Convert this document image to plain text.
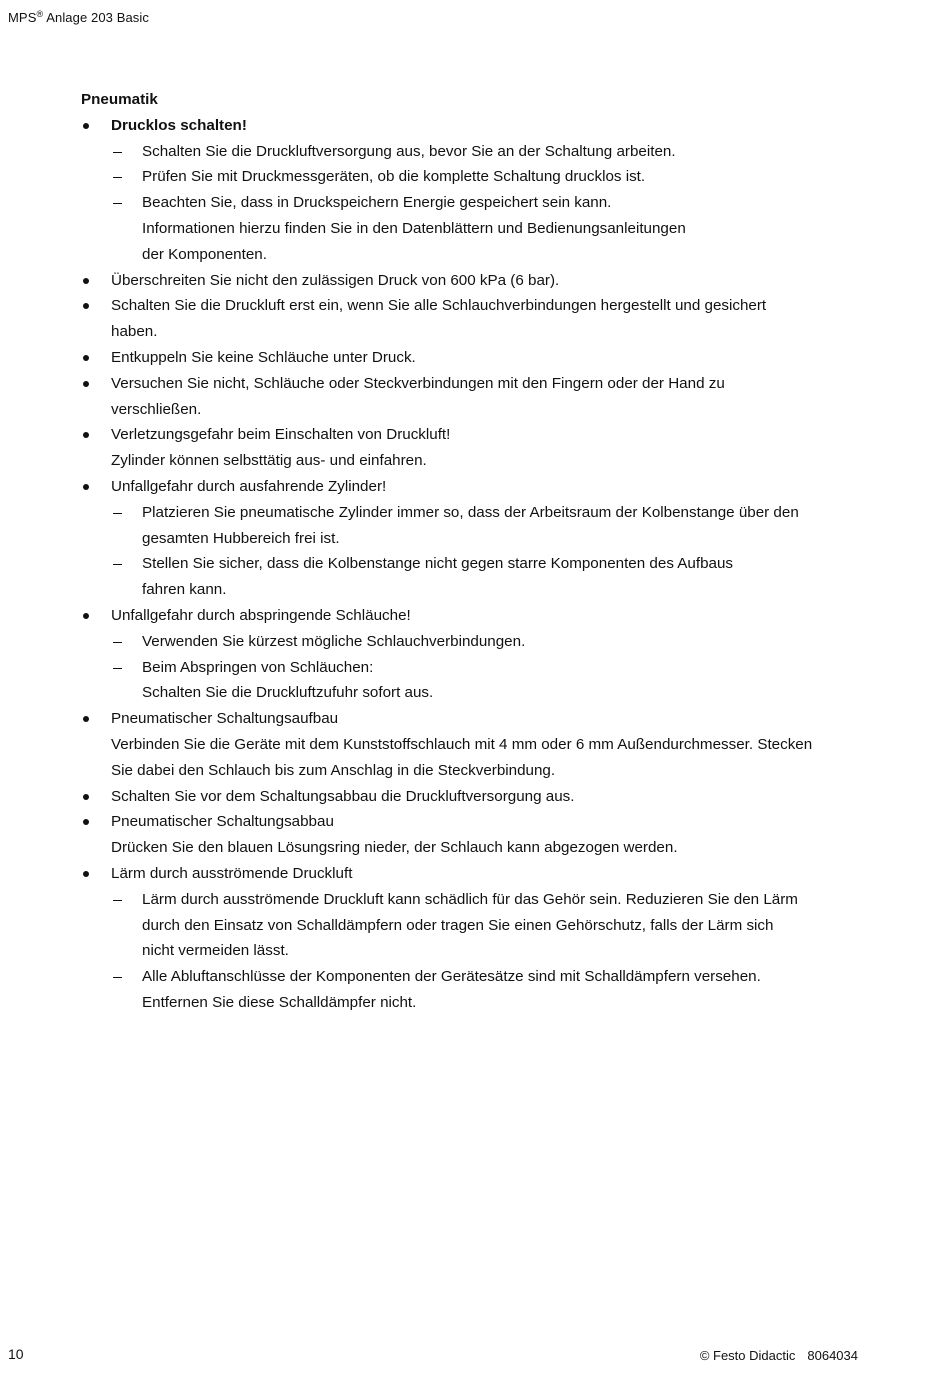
MPS® Anlage 203 Basic
Pneumatik
Drucklos schalten!
Schalten Sie die Druckluftversorgung aus, bevor Sie an der Schaltung arbeiten.
Prüfen Sie mit Druckmessgeräten, ob die komplette Schaltung drucklos ist.
Beachten Sie, dass in Druckspeichern Energie gespeichert sein kann.
Informationen hierzu finden Sie in den Datenblättern und Bedienungsanleitungen
der Komponenten.
Überschreiten Sie nicht den zulässigen Druck von 600 kPa (6 bar).
Schalten Sie die Druckluft erst ein, wenn Sie alle Schlauchverbindungen hergestellt und gesichert
haben.
Entkuppeln Sie keine Schläuche unter Druck.
Versuchen Sie nicht, Schläuche oder Steckverbindungen mit den Fingern oder der Hand zu
verschließen.
Verletzungsgefahr beim Einschalten von Druckluft!
Zylinder können selbsttätig aus- und einfahren.
Unfallgefahr durch ausfahrende Zylinder!
Platzieren Sie pneumatische Zylinder immer so, dass der Arbeitsraum der Kolbenstange über den
gesamten Hubbereich frei ist.
Stellen Sie sicher, dass die Kolbenstange nicht gegen starre Komponenten des Aufbaus
fahren kann.
Unfallgefahr durch abspringende Schläuche!
Verwenden Sie kürzest mögliche Schlauchverbindungen.
Beim Abspringen von Schläuchen:
Schalten Sie die Druckluftzufuhr sofort aus.
Pneumatischer Schaltungsaufbau
Verbinden Sie die Geräte mit dem Kunststoffschlauch mit 4 mm oder 6 mm Außendurchmesser. Stecken
Sie dabei den Schlauch bis zum Anschlag in die Steckverbindung.
Schalten Sie vor dem Schaltungsabbau die Druckluftversorgung aus.
Pneumatischer Schaltungsabbau
Drücken Sie den blauen Lösungsring nieder, der Schlauch kann abgezogen werden.
Lärm durch ausströmende Druckluft
Lärm durch ausströmende Druckluft kann schädlich für das Gehör sein. Reduzieren Sie den Lärm
durch den Einsatz von Schalldämpfern oder tragen Sie einen Gehörschutz, falls der Lärm sich
nicht vermeiden lässt.
Alle Abluftanschlüsse der Komponenten der Gerätesätze sind mit Schalldämpfern versehen.
Entfernen Sie diese Schalldämpfer nicht.
10	© Festo Didactic 8064034
